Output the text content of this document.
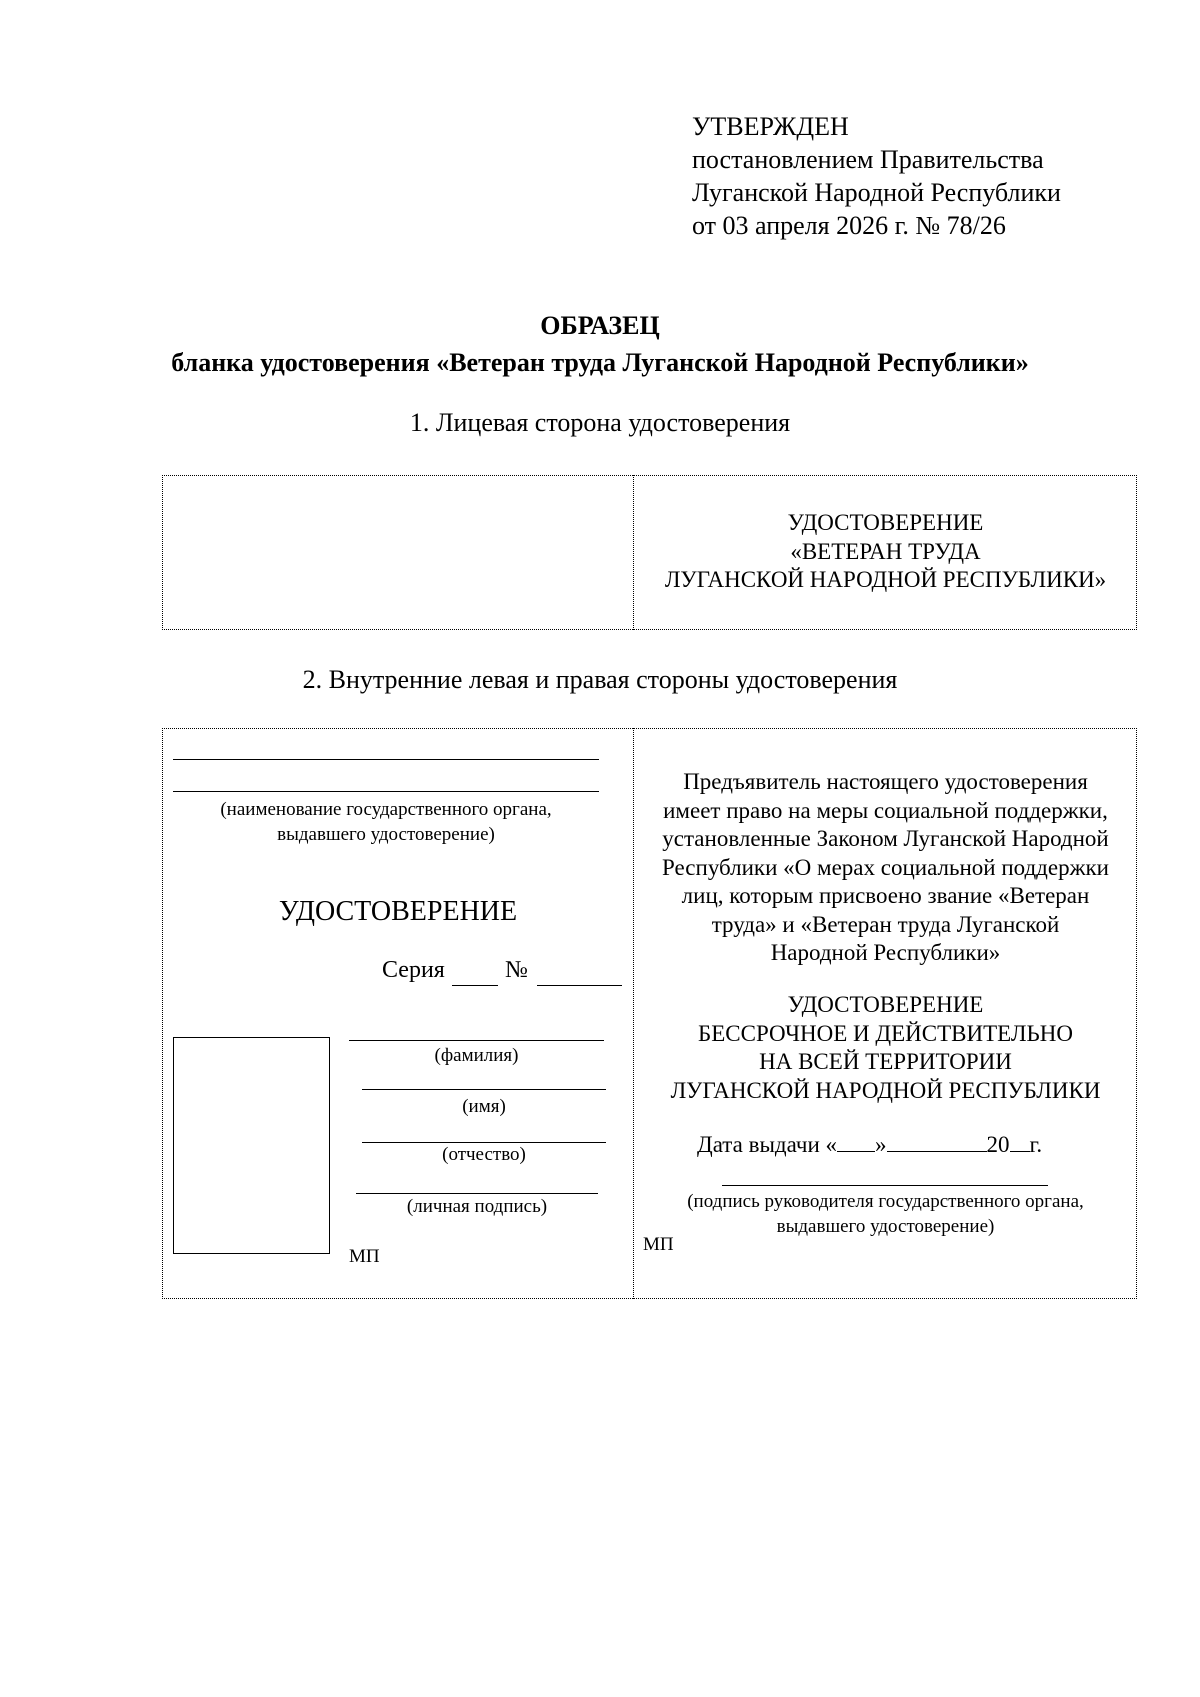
УТВЕРЖДЕН
постановлением Правительства
Луганской Народной Республики
от 03 апреля 2026 г. № 78/26
ОБРАЗЕЦ
бланка удостоверения «Ветеран труда Луганской Народной Республики»
1. Лицевая сторона удостоверения
УДОСТОВЕРЕНИЕ
«ВЕТЕРАН ТРУДА
ЛУГАНСКОЙ НАРОДНОЙ РЕСПУБЛИКИ»
2. Внутренние левая и правая стороны удостоверения
(наименование государственного органа,
выдавшего удостоверение)
УДОСТОВЕРЕНИЕ
Серия	№
(фамилия)
(имя)
(отчество)
(личная подпись)
МП
Предъявитель настоящего удостоверения
имеет право на меры социальной поддержки,
установленные Законом Луганской Народной
Республики «О мерах социальной поддержки
лиц, которым присвоено звание «Ветеран
труда» и «Ветеран труда Луганской
Народной Республики»
УДОСТОВЕРЕНИЕ
БЕССРОЧНОЕ И ДЕЙСТВИТЕЛЬНО
НА ВСЕЙ ТЕРРИТОРИИ
ЛУГАНСКОЙ НАРОДНОЙ РЕСПУБЛИКИ
Дата выдачи « »	20 г.
(подпись руководителя государственного органа,
выдавшего удостоверение)
МП
